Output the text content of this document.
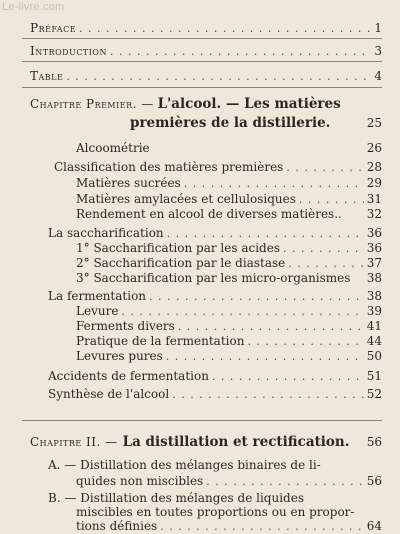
Le-livre.com
Préface . . .	1
Introduction . . .	3
Table . . .	4
Chapitre Premier. — L'alcool. — Les matières
premières de la distillerie.	25
Alcoométrie	26
Classification des matières premières . . .	28
Matières sucrées . . .	29
Matières amylacées et cellulosiques . . .	31
Rendement en alcool de diverses matières.. 32
La saccharification . . .	36
1° Saccharification par les acides . . .	36
2° Saccharification par le diastase . . .	37
3° Saccharification par les micro-organismes 38
La fermentation . . .	38
Levure . . .	39
Ferments divers . . .	41
Pratique de la fermentation . . .	44
Levures pures . . .	50
Accidents de fermentation . . .	51
Synthèse de l'alcool . . .	52
Chapitre II. — La distillation et rectification. 56
A. — Distillation des mélanges binaires de li-
quides non miscibles . . .	56
B. — Distillation des mélanges de liquides
miscibles en toutes proportions ou en propor-
tions définies . . .	64
